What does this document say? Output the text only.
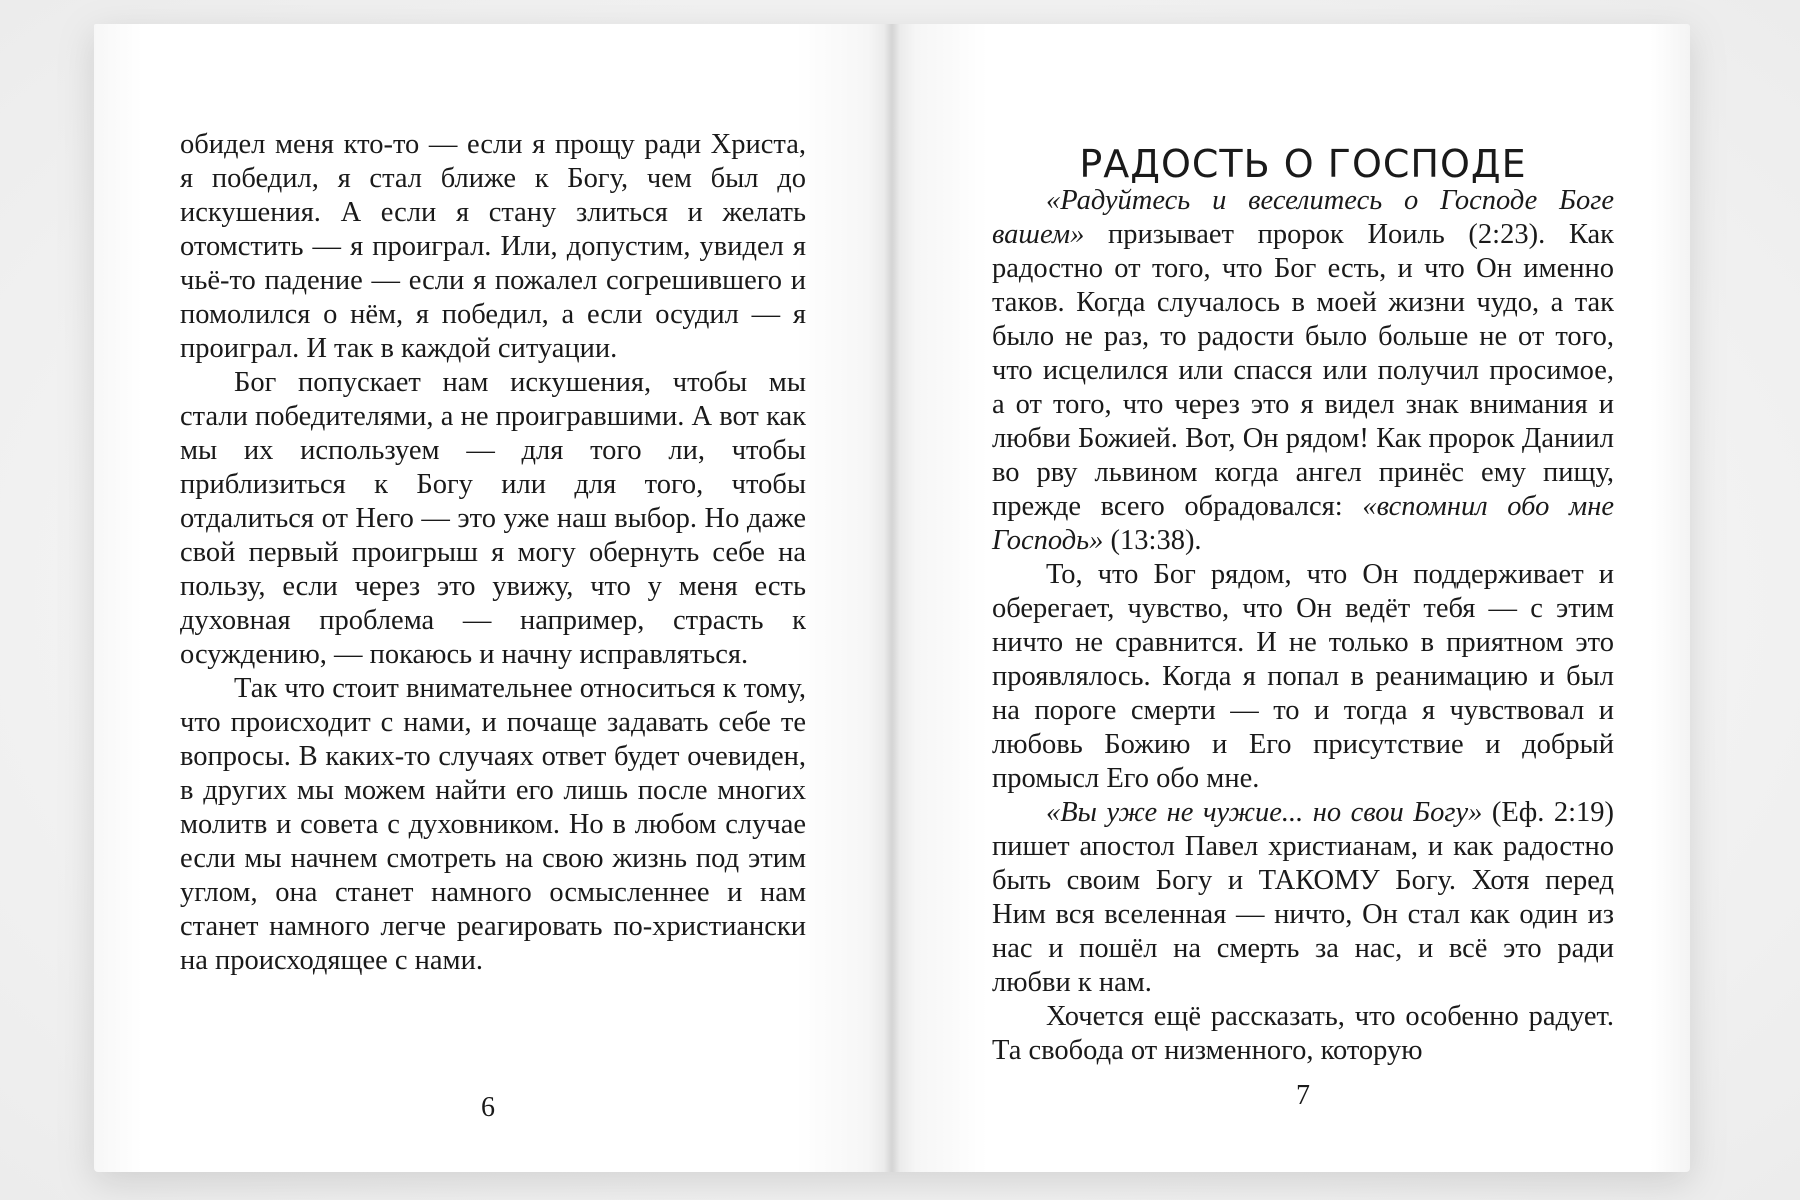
обидел меня кто-то — если я прощу ради Христа, я победил, я стал ближе к Богу, чем был до искушения. А если я стану злиться и желать отомстить — я проиграл. Или, допустим, увидел я чьё-то падение — если я пожалел согрешившего и помолился о нём, я победил, а если осудил — я проиграл. И так в каждой ситуации.

Бог попускает нам искушения, чтобы мы стали победителями, а не проигравшими. А вот как мы их используем — для того ли, чтобы приблизиться к Богу или для того, чтобы отдалиться от Него — это уже наш выбор. Но даже свой первый проигрыш я могу обернуть себе на пользу, если через это увижу, что у меня есть духовная проблема — например, страсть к осуждению, — покаюсь и начну исправляться.

Так что стоит внимательнее относиться к тому, что происходит с нами, и почаще задавать себе те вопросы. В каких-то случаях ответ будет очевиден, в других мы можем найти его лишь после многих молитв и совета с духовником. Но в любом случае если мы начнем смотреть на свою жизнь под этим углом, она станет намного осмысленнее и нам станет намного легче реагировать по-христиански на происходящее с нами.

6
РАДОСТЬ О ГОСПОДЕ

«Радуйтесь и веселитесь о Господе Боге вашем» призывает пророк Иоиль (2:23). Как радостно от того, что Бог есть, и что Он именно таков. Когда случалось в моей жизни чудо, а так было не раз, то радости было больше не от того, что исцелился или спасся или получил просимое, а от того, что через это я видел знак внимания и любви Божией. Вот, Он рядом! Как пророк Даниил во рву львином когда ангел принёс ему пищу, прежде всего обрадовался: «вспомнил обо мне Господь» (13:38).

То, что Бог рядом, что Он поддерживает и оберегает, чувство, что Он ведёт тебя — с этим ничто не сравнится. И не только в приятном это проявлялось. Когда я попал в реанимацию и был на пороге смерти — то и тогда я чувствовал и любовь Божию и Его присутствие и добрый промысл Его обо мне.

«Вы уже не чужие... но свои Богу» (Еф. 2:19) пишет апостол Павел христианам, и как радостно быть своим Богу и ТАКОМУ Богу. Хотя перед Ним вся вселенная — ничто, Он стал как один из нас и пошёл на смерть за нас, и всё это ради любви к нам.

Хочется ещё рассказать, что особенно радует. Та свобода от низменного, которую

7
